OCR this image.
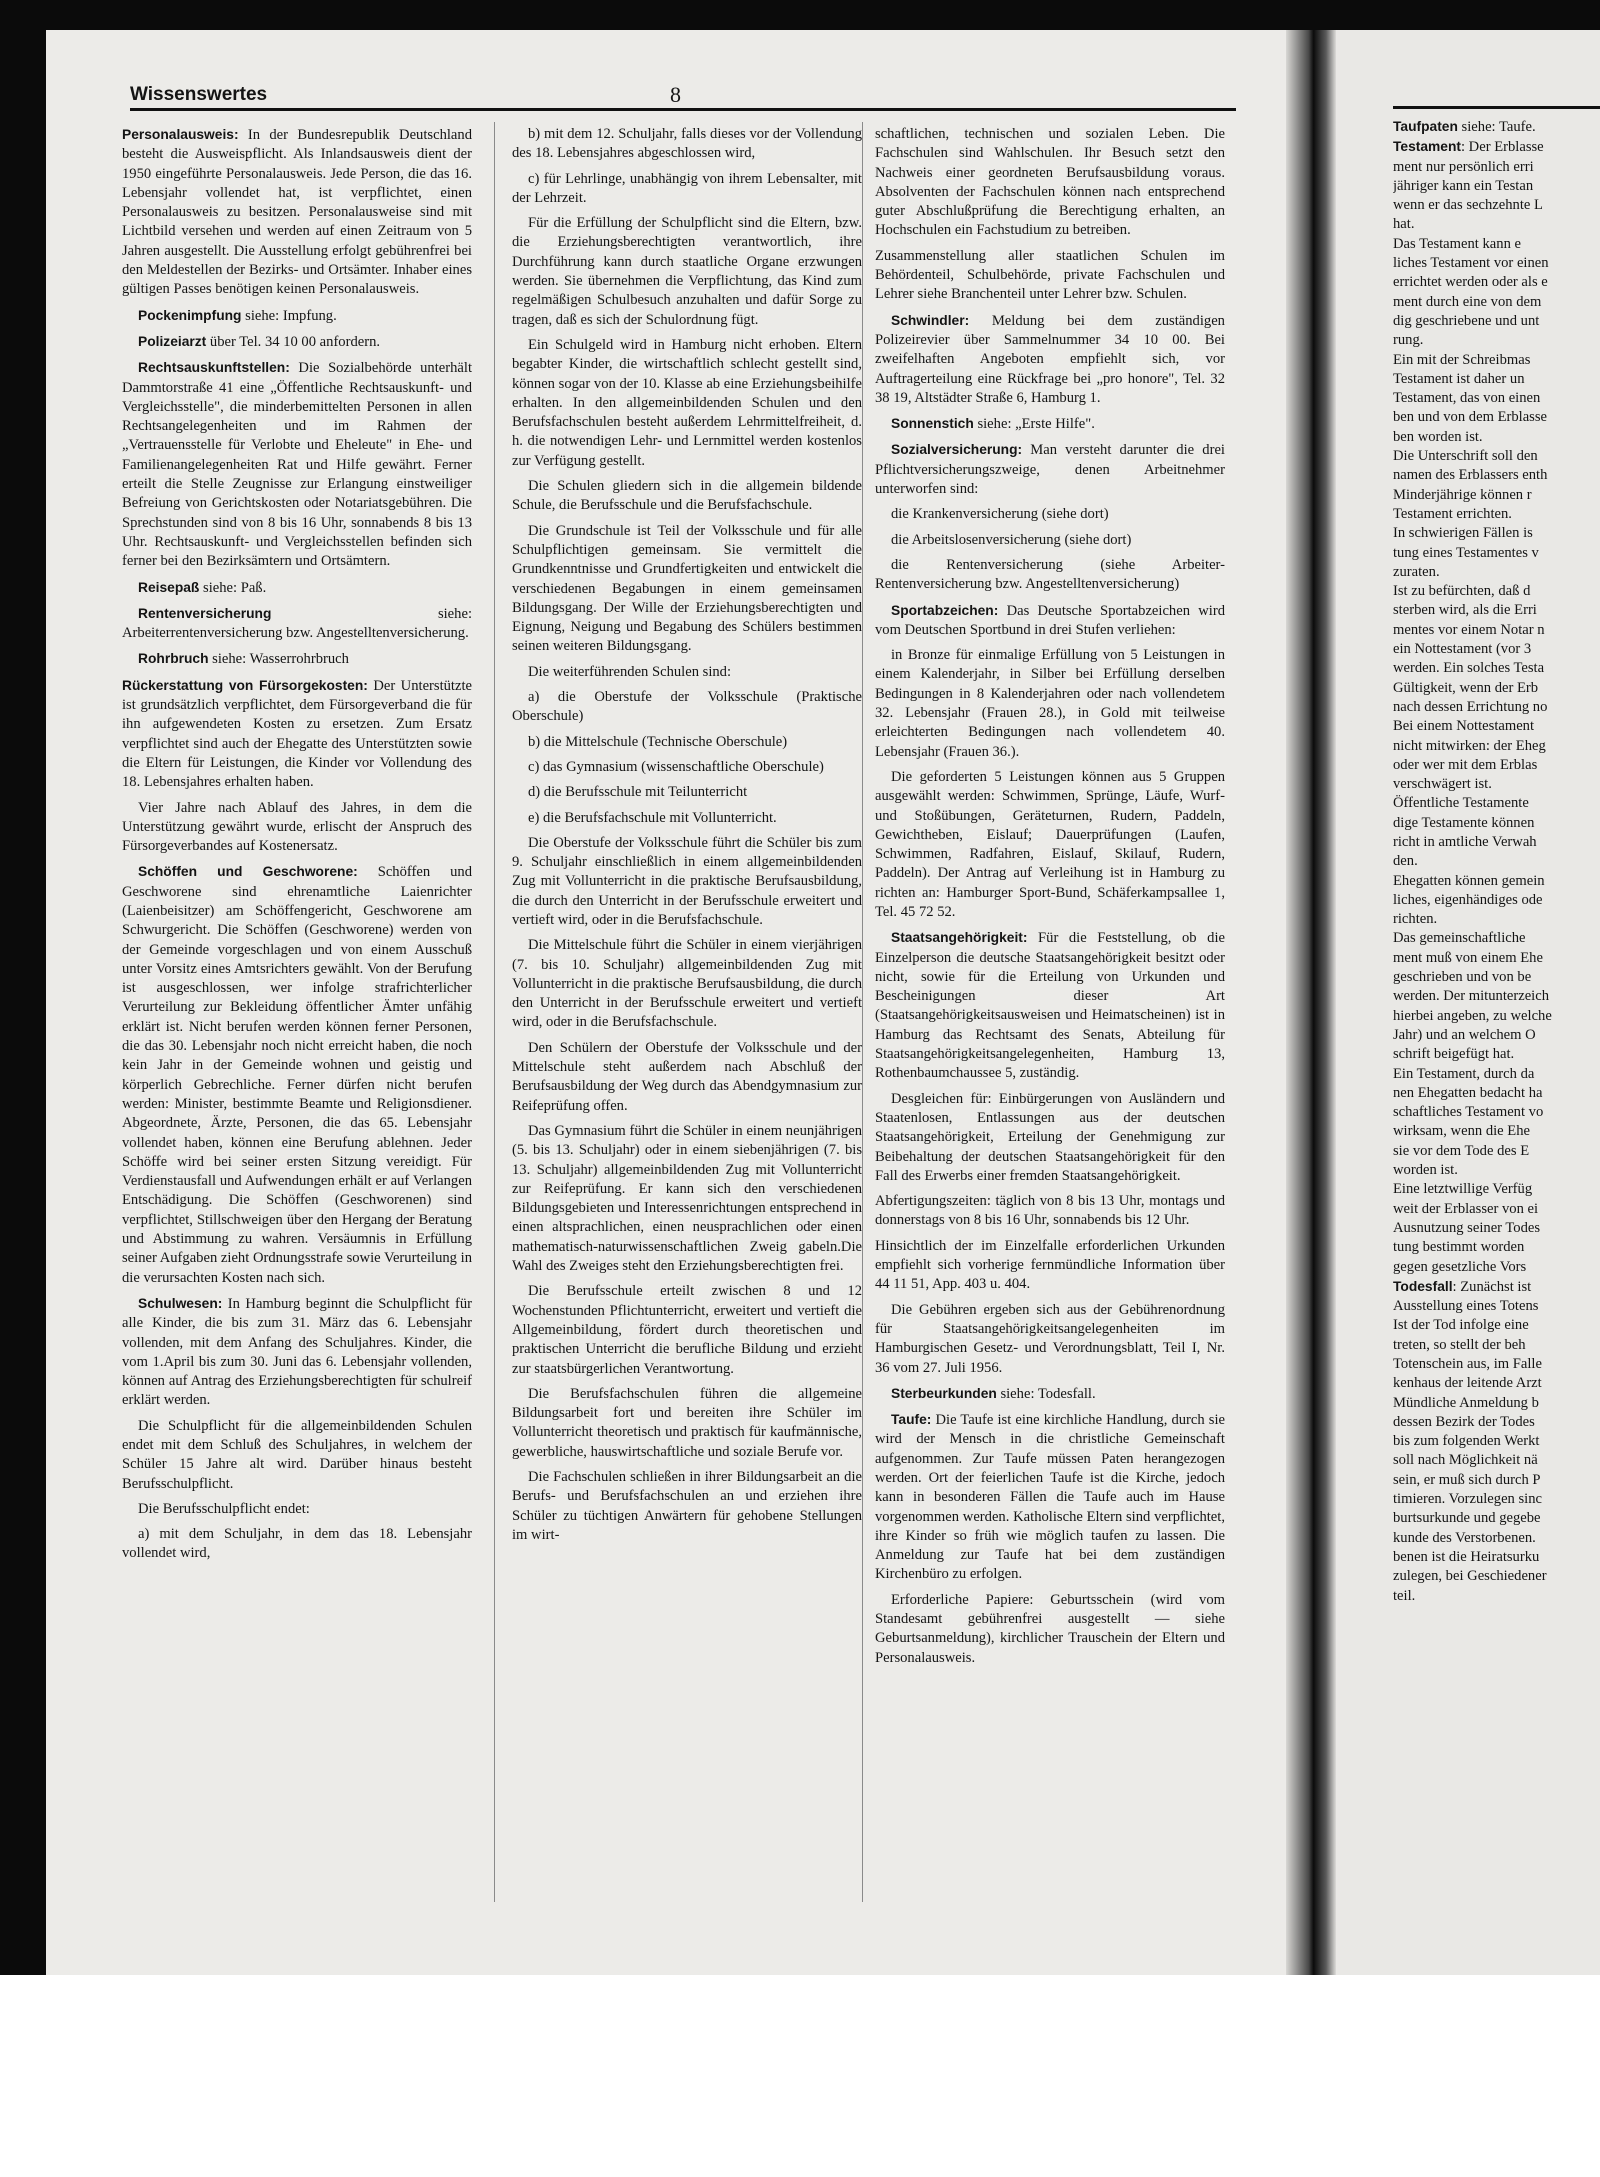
Wissenswertes	8

Personalausweis: In der Bundesrepublik Deutschland besteht die Ausweispflicht. Als Inlandsausweis dient der 1950 eingeführte Personalausweis. Jede Person, die das 16. Lebensjahr vollendet hat, ist verpflichtet, einen Personalausweis zu besitzen. Personalausweise sind mit Lichtbild versehen und werden auf einen Zeitraum von 5 Jahren ausgestellt. Die Ausstellung erfolgt gebührenfrei bei den Meldestellen der Bezirks- und Ortsämter. Inhaber eines gültigen Passes benötigen keinen Personalausweis.

Pockenimpfung siehe: Impfung.

Polizeiarzt über Tel. 34 10 00 anfordern.

Rechtsauskunftstellen: Die Sozialbehörde unterhält Dammtorstraße 41 eine „Öffentliche Rechtsauskunft- und Vergleichsstelle", die minderbemittelten Personen in allen Rechtsangelegenheiten und im Rahmen der „Vertrauensstelle für Verlobte und Eheleute" in Ehe- und Familienangelegenheiten Rat und Hilfe gewährt. Ferner erteilt die Stelle Zeugnisse zur Erlangung einstweiliger Befreiung von Gerichtskosten oder Notariatsgebühren. Die Sprechstunden sind von 8 bis 16 Uhr, sonnabends 8 bis 13 Uhr. Rechtsauskunft- und Vergleichsstellen befinden sich ferner bei den Bezirksämtern und Ortsämtern.

Reisepaß siehe: Paß.

Rentenversicherung	siehe: Arbeiterrentenversicherung bzw. Angestelltenversicherung.

Rohrbruch siehe: Wasserrohrbruch

Rückerstattung von Fürsorgekosten: Der Unterstützte ist grundsätzlich verpflichtet, dem Fürsorgeverband die für ihn aufgewendeten Kosten zu ersetzen. Zum Ersatz verpflichtet sind auch der Ehegatte des Unterstützten sowie die Eltern für Leistungen, die Kinder vor Vollendung des 18. Lebensjahres erhalten haben.

Vier Jahre nach Ablauf des Jahres, in dem die Unterstützung gewährt wurde, erlischt der Anspruch des Fürsorgeverbandes auf Kostenersatz.

Schöffen und Geschworene: Schöffen und Geschworene sind ehrenamtliche Laienrichter (Laienbeisitzer) am Schöffengericht, Geschworene am Schwurgericht. Die Schöffen (Geschworene) werden von der Gemeinde vorgeschlagen und von einem Ausschuß unter Vorsitz eines Amtsrichters gewählt. Von der Berufung ist ausgeschlossen, wer infolge strafrichterlicher Verurteilung zur Bekleidung öffentlicher Ämter unfähig erklärt ist. Nicht berufen werden können ferner Personen, die das 30. Lebensjahr noch nicht erreicht haben, die noch kein Jahr in der Gemeinde wohnen und geistig und körperlich Gebrechliche. Ferner dürfen nicht berufen werden: Minister, bestimmte Beamte und Religionsdiener. Abgeordnete, Ärzte, Personen, die das 65. Lebensjahr vollendet haben, können eine Berufung ablehnen. Jeder Schöffe wird bei seiner ersten Sitzung vereidigt. Für Verdienstausfall und Aufwendungen erhält er auf Verlangen Entschädigung. Die Schöffen (Geschworenen) sind verpflichtet, Stillschweigen über den Hergang der Beratung und Abstimmung zu wahren. Versäumnis in Erfüllung seiner Aufgaben zieht Ordnungsstrafe sowie Verurteilung in die verursachten Kosten nach sich.

Schulwesen: In Hamburg beginnt die Schulpflicht für alle Kinder, die bis zum 31. März das 6. Lebensjahr vollenden, mit dem Anfang des Schuljahres. Kinder, die vom 1.April bis zum 30. Juni das 6. Lebensjahr vollenden, können auf Antrag des Erziehungsberechtigten für schulreif erklärt werden.

Die Schulpflicht für die allgemeinbildenden Schulen endet mit dem Schluß des Schuljahres, in welchem der Schüler 15 Jahre alt wird. Darüber hinaus besteht Berufsschulpflicht.

Die Berufsschulpflicht endet:

a) mit dem Schuljahr, in dem das 18. Lebensjahr vollendet wird,

b) mit dem 12. Schuljahr, falls dieses vor der Vollendung des 18. Lebensjahres abgeschlossen wird,

c) für Lehrlinge, unabhängig von ihrem Lebensalter, mit der Lehrzeit.

Für die Erfüllung der Schulpflicht sind die Eltern, bzw. die Erziehungsberechtigten verantwortlich, ihre Durchführung kann durch staatliche Organe erzwungen werden. Sie übernehmen die Verpflichtung, das Kind zum regelmäßigen Schulbesuch anzuhalten und dafür Sorge zu tragen, daß es sich der Schulordnung fügt.

Ein Schulgeld wird in Hamburg nicht erhoben. Eltern begabter Kinder, die wirtschaftlich schlecht gestellt sind, können sogar von der 10. Klasse ab eine Erziehungsbeihilfe erhalten. In den allgemeinbildenden Schulen und den Berufsfachschulen besteht außerdem Lehrmittelfreiheit, d. h. die notwendigen Lehr- und Lernmittel werden kostenlos zur Verfügung gestellt.

Die Schulen gliedern sich in die allgemein bildende Schule, die Berufsschule und die Berufsfachschule.

Die Grundschule ist Teil der Volksschule und für alle Schulpflichtigen gemeinsam. Sie vermittelt die Grundkenntnisse und Grundfertigkeiten und entwickelt die verschiedenen Begabungen in einem gemeinsamen Bildungsgang. Der Wille der Erziehungsberechtigten und Eignung, Neigung und Begabung des Schülers bestimmen seinen weiteren Bildungsgang.

Die weiterführenden Schulen sind:

a) die Oberstufe der Volksschule (Praktische Oberschule)

b) die Mittelschule (Technische Oberschule)

c) das Gymnasium (wissenschaftliche Oberschule)

d) die Berufsschule mit Teilunterricht

e) die Berufsfachschule mit Vollunterricht.

Die Oberstufe der Volksschule führt die Schüler bis zum 9. Schuljahr einschließlich in einem allgemeinbildenden Zug mit Vollunterricht in die praktische Berufsausbildung, die durch den Unterricht in der Berufsschule erweitert und vertieft wird, oder in die Berufsfachschule.

Die Mittelschule führt die Schüler in einem vierjährigen (7. bis 10. Schuljahr) allgemeinbildenden Zug mit Vollunterricht in die praktische Berufsausbildung, die durch den Unterricht in der Berufsschule erweitert und vertieft wird, oder in die Berufsfachschule.

Den Schülern der Oberstufe der Volksschule und der Mittelschule steht außerdem nach Abschluß der Berufsausbildung der Weg durch das Abendgymnasium zur Reifeprüfung offen.

Das Gymnasium führt die Schüler in einem neunjährigen (5. bis 13. Schuljahr) oder in einem siebenjährigen (7. bis 13. Schuljahr) allgemeinbildenden Zug mit Vollunterricht zur Reifeprüfung. Er kann sich den verschiedenen Bildungsgebieten und Interessenrichtungen entsprechend in einen altsprachlichen, einen neusprachlichen oder einen mathematisch-naturwissenschaftlichen Zweig gabeln.Die Wahl des Zweiges steht den Erziehungsberechtigten frei.

Die Berufsschule erteilt zwischen 8 und 12 Wochenstunden Pflichtunterricht, erweitert und vertieft die Allgemeinbildung, fördert durch theoretischen und praktischen Unterricht die berufliche Bildung und erzieht zur staatsbürgerlichen Verantwortung.

Die Berufsfachschulen führen die allgemeine Bildungsarbeit fort und bereiten ihre Schüler im Vollunterricht theoretisch und praktisch für kaufmännische, gewerbliche, hauswirtschaftliche und soziale Berufe vor.

Die Fachschulen schließen in ihrer Bildungsarbeit an die Berufs- und Berufsfachschulen an und erziehen ihre Schüler zu tüchtigen Anwärtern für gehobene Stellungen im wirt-

schaftlichen, technischen und sozialen Leben. Die Fachschulen sind Wahlschulen. Ihr Besuch setzt den Nachweis einer geordneten Berufsausbildung voraus. Absolventen der Fachschulen können nach entsprechend guter Abschlußprüfung die Berechtigung erhalten, an Hochschulen ein Fachstudium zu betreiben.

Zusammenstellung aller staatlichen Schulen im Behördenteil, Schulbehörde, private Fachschulen und Lehrer siehe Branchenteil unter Lehrer bzw. Schulen.

Schwindler: Meldung bei dem zuständigen Polizeirevier über Sammelnummer 34 10 00. Bei zweifelhaften Angeboten empfiehlt sich, vor Auftragerteilung eine Rückfrage bei „pro honore", Tel. 32 38 19, Altstädter Straße 6, Hamburg 1.

Sonnenstich siehe: „Erste Hilfe".

Sozialversicherung: Man versteht darunter die drei Pflichtversicherungszweige, denen Arbeitnehmer unterworfen sind:

die Krankenversicherung (siehe dort)

die Arbeitslosenversicherung (siehe dort)

die Rentenversicherung (siehe Arbeiter-Rentenversicherung bzw. Angestelltenversicherung)

Sportabzeichen: Das Deutsche Sportabzeichen wird vom Deutschen Sportbund in drei Stufen verliehen:

in Bronze für einmalige Erfüllung von 5 Leistungen in einem Kalenderjahr, in Silber bei Erfüllung derselben Bedingungen in 8 Kalenderjahren oder nach vollendetem 32. Lebensjahr (Frauen 28.), in Gold mit teilweise erleichterten Bedingungen nach vollendetem 40. Lebensjahr (Frauen 36.).

Die geforderten 5 Leistungen können aus 5 Gruppen ausgewählt werden: Schwimmen, Sprünge, Läufe, Wurf- und Stoßübungen, Geräteturnen, Rudern, Paddeln, Gewichtheben, Eislauf; Dauerprüfungen (Laufen, Schwimmen, Radfahren, Eislauf, Skilauf, Rudern, Paddeln). Der Antrag auf Verleihung ist in Hamburg zu richten an: Hamburger Sport-Bund, Schäferkampsallee 1, Tel. 45 72 52.

Staatsangehörigkeit: Für die Feststellung, ob die Einzelperson die deutsche Staatsangehörigkeit besitzt oder nicht, sowie für die Erteilung von Urkunden und Bescheinigungen dieser Art (Staatsangehörigkeitsausweisen und Heimatscheinen) ist in Hamburg das Rechtsamt des Senats, Abteilung für Staatsangehörigkeitsangelegenheiten, Hamburg 13, Rothenbaumchaussee 5, zuständig.

Desgleichen für: Einbürgerungen von Ausländern und Staatenlosen, Entlassungen aus der deutschen Staatsangehörigkeit, Erteilung der Genehmigung zur Beibehaltung der deutschen Staatsangehörigkeit für den Fall des Erwerbs einer fremden Staatsangehörigkeit.

Abfertigungszeiten: täglich von 8 bis 13 Uhr, montags und donnerstags von 8 bis 16 Uhr, sonnabends bis 12 Uhr.

Hinsichtlich der im Einzelfalle erforderlichen Urkunden empfiehlt sich vorherige fernmündliche Information über 44 11 51, App. 403 u. 404.

Die Gebühren ergeben sich aus der Gebührenordnung für Staatsangehörigkeitsangelegenheiten im Hamburgischen Gesetz- und Verordnungsblatt, Teil I, Nr. 36 vom 27. Juli 1956.

Sterbeurkunden siehe: Todesfall.

Taufe: Die Taufe ist eine kirchliche Handlung, durch sie wird der Mensch in die christliche Gemeinschaft aufgenommen. Zur Taufe müssen Paten herangezogen werden. Ort der feierlichen Taufe ist die Kirche, jedoch kann in besonderen Fällen die Taufe auch im Hause vorgenommen werden. Katholische Eltern sind verpflichtet, ihre Kinder so früh wie möglich taufen zu lassen. Die Anmeldung zur Taufe hat bei dem zuständigen Kirchenbüro zu erfolgen.

Erforderliche Papiere: Geburtsschein (wird vom Standesamt gebührenfrei ausgestellt — siehe Geburtsanmeldung), kirchlicher Trauschein der Eltern und Personalausweis.

Taufpaten siehe: Taufe.
Testament: Der Erblasse
ment nur persönlich erri
jähriger kann ein Testan
wenn er das sechzehnte L
hat.
Das Testament kann e
liches Testament vor einen
errichtet werden oder als e
ment durch eine von dem
dig geschriebene und unt
rung.
Ein mit der Schreibmas
Testament ist daher un
Testament, das von einen
ben und von dem Erblasse
ben worden ist.
Die Unterschrift soll den
namen des Erblassers enth
Minderjährige können r
Testament errichten.
In schwierigen Fällen is
tung eines Testamentes v
zuraten.
Ist zu befürchten, daß d
sterben wird, als die Erri
mentes vor einem Notar n
ein Nottestament (vor 3
werden. Ein solches Testa
Gültigkeit, wenn der Erb
nach dessen Errichtung no
Bei einem Nottestament
nicht mitwirken: der Eheg
oder wer mit dem Erblas
verschwägert ist.
Öffentliche Testamente
dige Testamente können
richt in amtliche Verwah
den.
Ehegatten können gemein
liches, eigenhändiges ode
richten.
Das gemeinschaftliche
ment muß von einem Ehe
geschrieben und von be
werden. Der mitunterzeich
hierbei angeben, zu welche
Jahr) und an welchem O
schrift beigefügt hat.
Ein Testament, durch da
nen Ehegatten bedacht ha
schaftliches Testament vo
wirksam, wenn die Ehe
sie vor dem Tode des E
worden ist.
Eine letztwillige Verfüg
weit der Erblasser von ei
Ausnutzung seiner Todes
tung bestimmt worden
gegen gesetzliche Vors
Todesfall: Zunächst ist
Ausstellung eines Totens
Ist der Tod infolge eine
treten, so stellt der beh
Totenschein aus, im Falle
kenhaus der leitende Arzt
Mündliche Anmeldung b
dessen Bezirk der Todes
bis zum folgenden Werkt
soll nach Möglichkeit nä
sein, er muß sich durch P
timieren. Vorzulegen sinc
burtsurkunde und gegebe
kunde des Verstorbenen.
benen ist die Heiratsurku
zulegen, bei Geschiedener
teil.
